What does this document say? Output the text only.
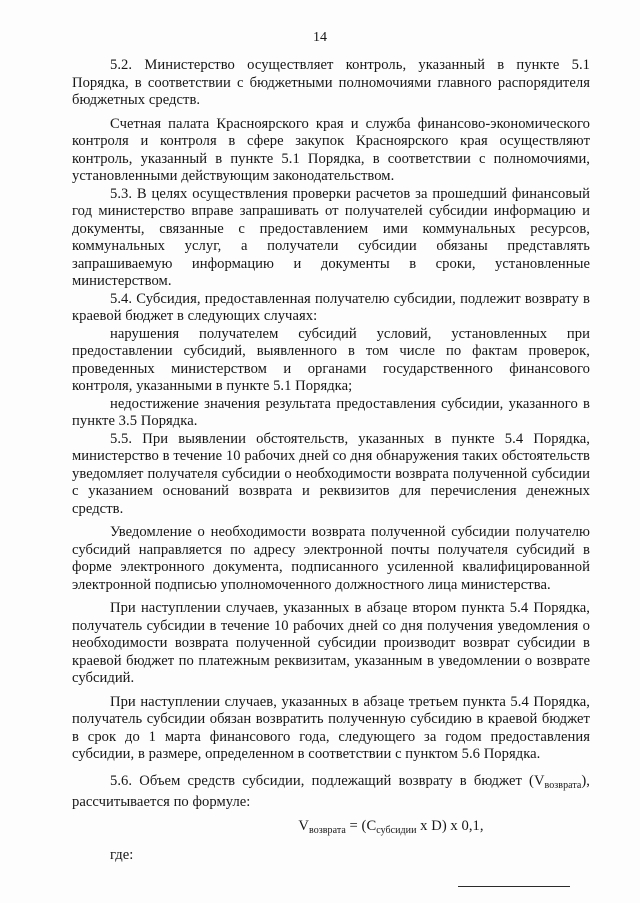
14

5.2. Министерство осуществляет контроль, указанный в пункте 5.1 Порядка, в соответствии с бюджетными полномочиями главного распорядителя бюджетных средств.

Счетная палата Красноярского края и служба финансово-экономического контроля и контроля в сфере закупок Красноярского края осуществляют контроль, указанный в пункте 5.1 Порядка, в соответствии с полномочиями, установленными действующим законодательством.

5.3. В целях осуществления проверки расчетов за прошедший финансовый год министерство вправе запрашивать от получателей субсидии информацию и документы, связанные с предоставлением ими коммунальных ресурсов, коммунальных услуг, а получатели субсидии обязаны представлять запрашиваемую информацию и документы в сроки, установленные министерством.

5.4. Субсидия, предоставленная получателю субсидии, подлежит возврату в краевой бюджет в следующих случаях:

нарушения получателем субсидий условий, установленных при предоставлении субсидий, выявленного в том числе по фактам проверок, проведенных министерством и органами государственного финансового контроля, указанными в пункте 5.1 Порядка;

недостижение значения результата предоставления субсидии, указанного в пункте 3.5 Порядка.

5.5. При выявлении обстоятельств, указанных в пункте 5.4 Порядка, министерство в течение 10 рабочих дней со дня обнаружения таких обстоятельств уведомляет получателя субсидии о необходимости возврата полученной субсидии с указанием оснований возврата и реквизитов для перечисления денежных средств.

Уведомление о необходимости возврата полученной субсидии получателю субсидий направляется по адресу электронной почты получателя субсидий в форме электронного документа, подписанного усиленной квалифицированной электронной подписью уполномоченного должностного лица министерства.

При наступлении случаев, указанных в абзаце втором пункта 5.4 Порядка, получатель субсидии в течение 10 рабочих дней со дня получения уведомления о необходимости возврата полученной субсидии производит возврат субсидии в краевой бюджет по платежным реквизитам, указанным в уведомлении о возврате субсидий.

При наступлении случаев, указанных в абзаце третьем пункта 5.4 Порядка, получатель субсидии обязан возвратить полученную субсидию в краевой бюджет в срок до 1 марта финансового года, следующего за годом предоставления субсидии, в размере, определенном в соответствии с пунктом 5.6 Порядка.

5.6. Объем средств субсидии, подлежащий возврату в бюджет $(V_{возврата})$, рассчитывается по формуле:

$V_{возврата} = (C_{субсидии}$ x D) x 0,1,
где:
